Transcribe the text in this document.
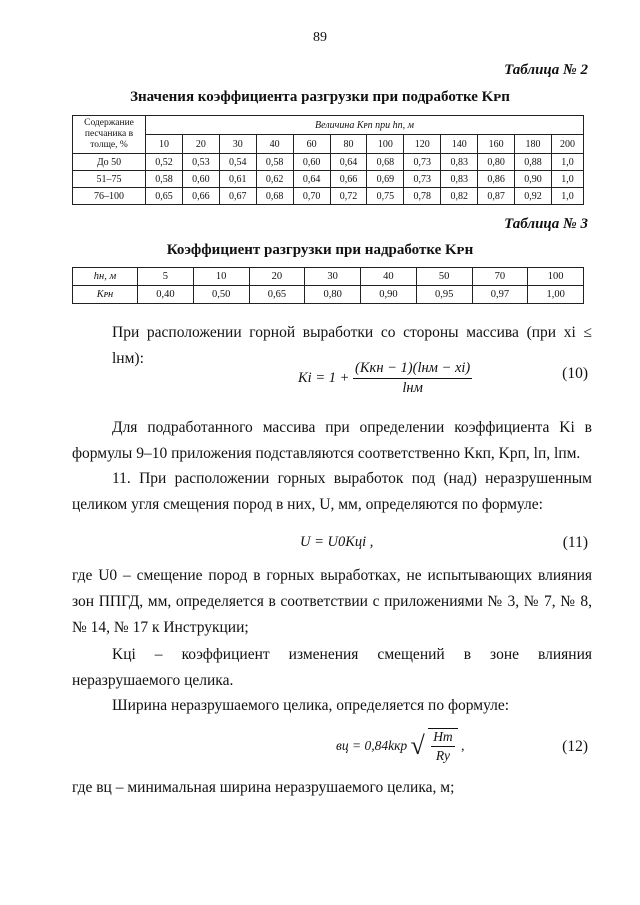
89
Таблица № 2
Значения коэффициента разгрузки при подработке Kᴘп
Содержание песчаника в толще, %	Величина Kᴘп при hп, м											
	10	20	30	40	60	80	100	120	140	160	180	200
До 50	0,52	0,53	0,54	0,58	0,60	0,64	0,68	0,73	0,83	0,80	0,88	1,0
51–75	0,58	0,60	0,61	0,62	0,64	0,66	0,69	0,73	0,83	0,86	0,90	1,0
76–100	0,65	0,66	0,67	0,68	0,70	0,72	0,75	0,78	0,82	0,87	0,92	1,0
Таблица № 3
Коэффициент разгрузки при надработке Kᴘн
hн, м	5	10	20	30	40	50	70	100
Kᴘн	0,40	0,50	0,65	0,80	0,90	0,95	0,97	1,00
При расположении горной выработки со стороны массива (при xi ≤ lнм):
$Ki = 1 + \frac{\text{(Kкн − 1)(lнм − xi)}}{\text{lнм}}$	(10)
Для подработанного массива при определении коэффициента Ki в формулы 9–10 приложения подставляются соответственно Kкп, Kрп, lп, lпм.
11. При расположении горных выработок под (над) неразрушенным целиком угля смещения пород в них, U, мм, определяются по формуле:
U = U0Kцi ,	(11)
где U0 – смещение пород в горных выработках, не испытывающих влияния зон ППГД, мм, определяется в соответствии с приложениями № 3, № 7, № 8, № 14, № 17 к Инструкции;
Kцi – коэффициент изменения смещений в зоне влияния неразрушаемого целика.
Ширина неразрушаемого целика, определяется по формуле:
вц = 0,84kкр √ $\frac{Hm}{Rу}$ ,	(12)
где вц – минимальная ширина неразрушаемого целика, м;
